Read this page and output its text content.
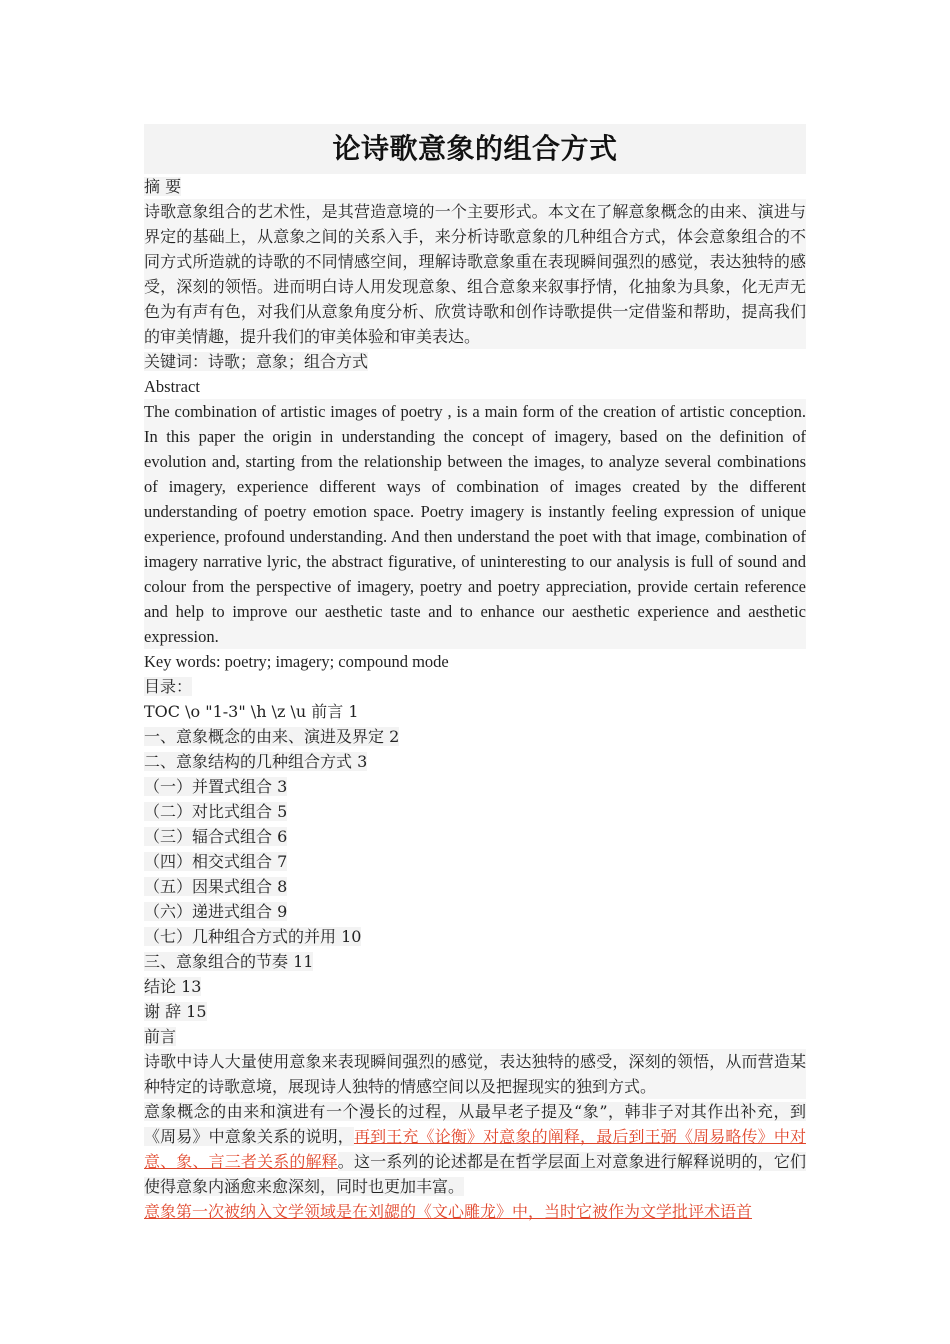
论诗歌意象的组合方式
摘 要
诗歌意象组合的艺术性，是其营造意境的一个主要形式。本文在了解意象概念的由来、演进与界定的基础上，从意象之间的关系入手，来分析诗歌意象的几种组合方式，体会意象组合的不同方式所造就的诗歌的不同情感空间，理解诗歌意象重在表现瞬间强烈的感觉，表达独特的感受，深刻的领悟。进而明白诗人用发现意象、组合意象来叙事抒情，化抽象为具象，化无声无色为有声有色，对我们从意象角度分析、欣赏诗歌和创作诗歌提供一定借鉴和帮助，提高我们的审美情趣，提升我们的审美体验和审美表达。
关键词：诗歌；意象；组合方式
Abstract
The combination of artistic images of poetry , is a main form of the creation of artistic conception. In this paper the origin in understanding the concept of imagery, based on the definition of evolution and, starting from the relationship between the images, to analyze several combinations of imagery, experience different ways of combination of images created by the different understanding of poetry emotion space. Poetry imagery is instantly feeling expression of unique experience, profound understanding. And then understand the poet with that image, combination of imagery narrative lyric, the abstract figurative, of uninteresting to our analysis is full of sound and colour from the perspective of imagery, poetry and poetry appreciation, provide certain reference and help to improve our aesthetic taste and to enhance our aesthetic experience and aesthetic expression.
Key words: poetry; imagery; compound mode
目录：
TOC \o "1-3" \h \z \u 前言 1
一、意象概念的由来、演进及界定 2
二、意象结构的几种组合方式 3
（一）并置式组合 3
（二）对比式组合 5
（三）辐合式组合 6
（四）相交式组合 7
（五）因果式组合 8
（六）递进式组合 9
（七）几种组合方式的并用 10
三、意象组合的节奏 11
结论 13
谢 辞 15
前言
诗歌中诗人大量使用意象来表现瞬间强烈的感觉，表达独特的感受，深刻的领悟，从而营造某种特定的诗歌意境，展现诗人独特的情感空间以及把握现实的独到方式。
意象概念的由来和演进有一个漫长的过程，从最早老子提及“象”，韩非子对其作出补充，到《周易》中意象关系的说明，再到王充《论衡》对意象的阐释，最后到王弼《周易略传》中对意、象、言三者关系的解释。这一系列的论述都是在哲学层面上对意象进行解释说明的，它们使得意象内涵愈来愈深刻，同时也更加丰富。
意象第一次被纳入文学领域是在刘勰的《文心雕龙》中，当时它被作为文学批评术语首
